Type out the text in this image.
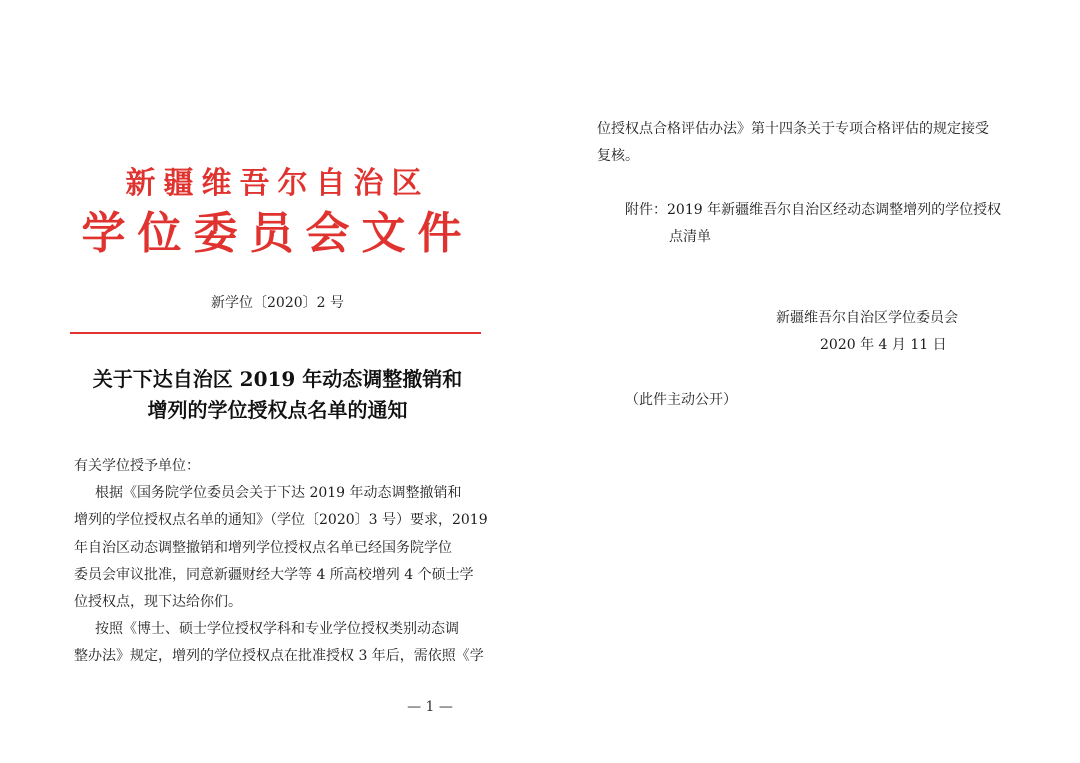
新疆维吾尔自治区
学位委员会文件
新学位〔2020〕2 号
关于下达自治区 2019 年动态调整撤销和
增列的学位授权点名单的通知
有关学位授予单位：
根据《国务院学位委员会关于下达 2019 年动态调整撤销和
增列的学位授权点名单的通知》（学位〔2020〕3 号）要求，2019
年自治区动态调整撤销和增列学位授权点名单已经国务院学位
委员会审议批准，同意新疆财经大学等 4 所高校增列 4 个硕士学
位授权点，现下达给你们。
按照《博士、硕士学位授权学科和专业学位授权类别动态调
整办法》规定，增列的学位授权点在批准授权 3 年后，需依照《学
— 1 —
位授权点合格评估办法》第十四条关于专项合格评估的规定接受
复核。
附件：2019 年新疆维吾尔自治区经动态调整增列的学位授权
点清单
新疆维吾尔自治区学位委员会
2020 年 4 月 11 日
（此件主动公开）
